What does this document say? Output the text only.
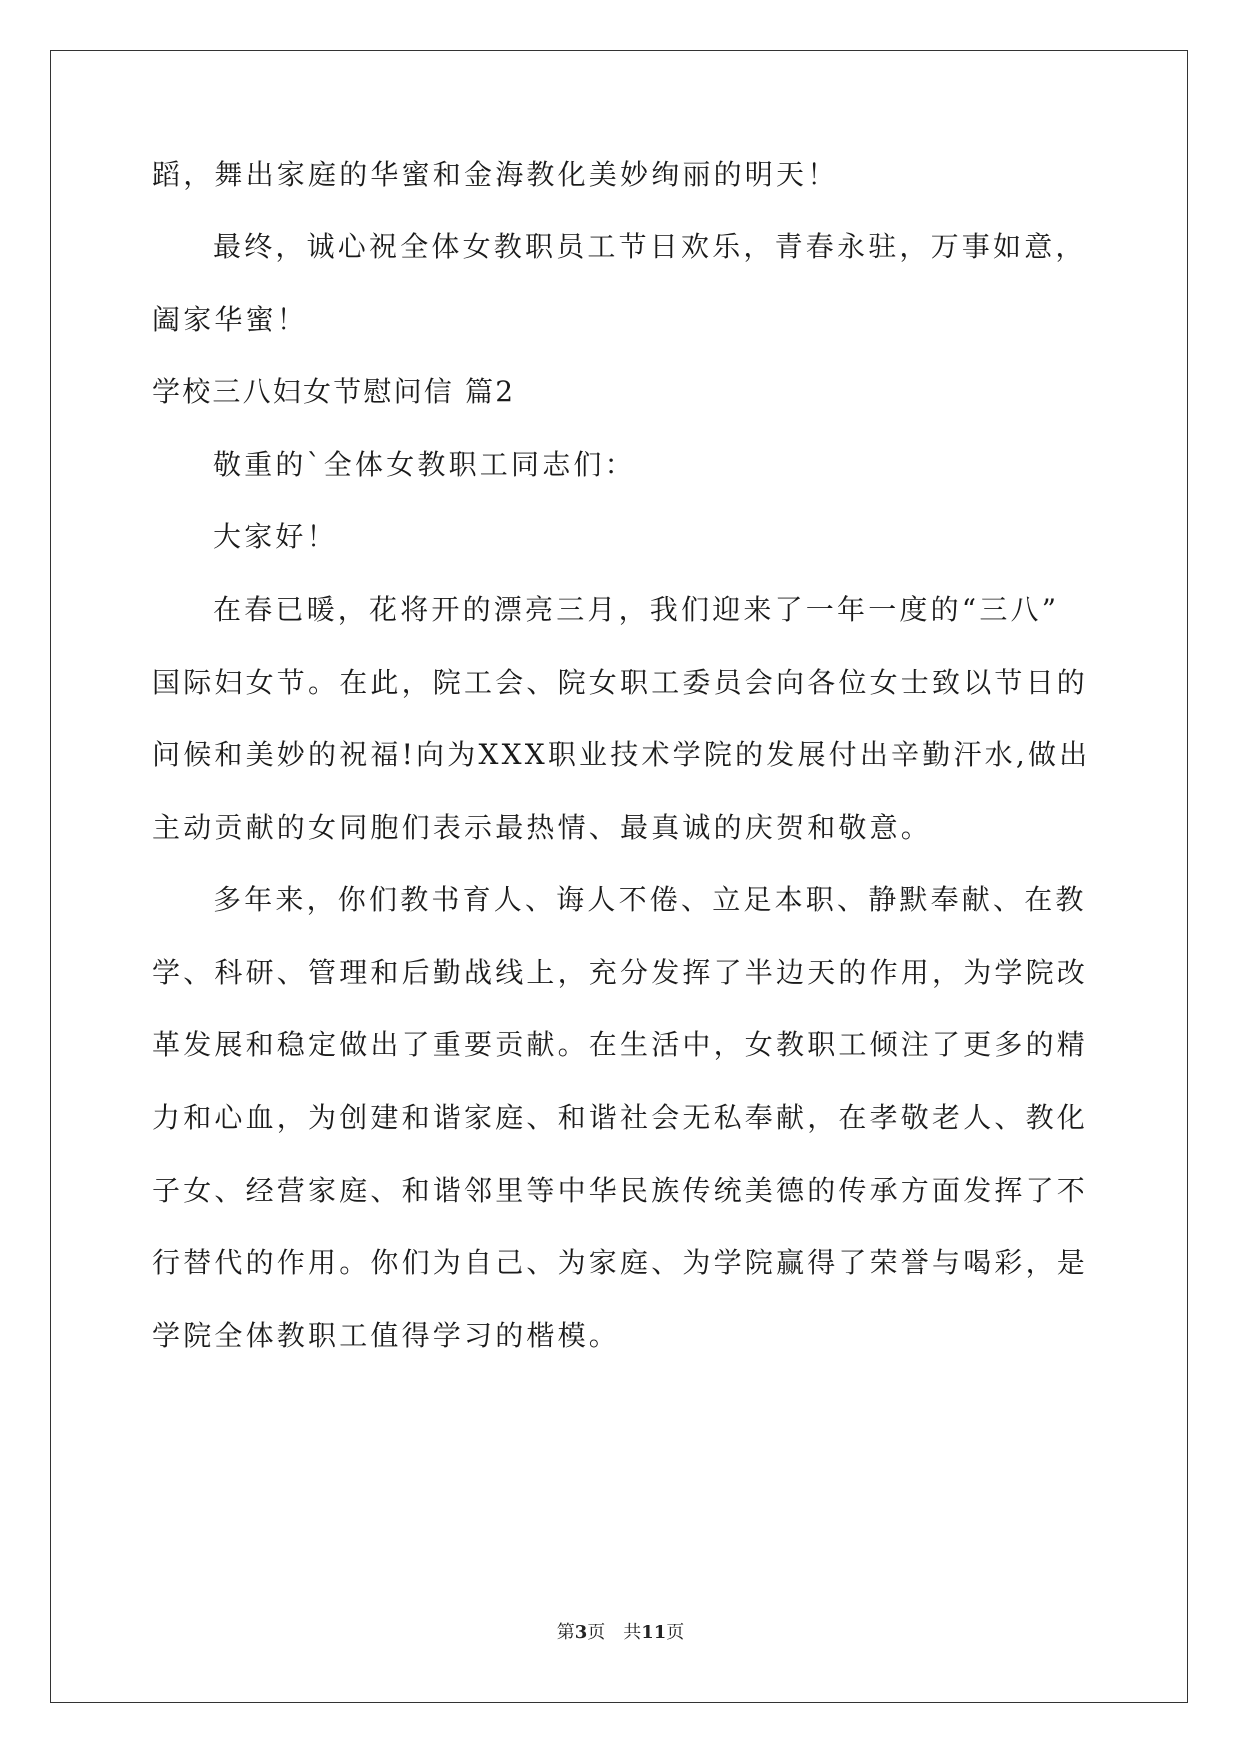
蹈，舞出家庭的华蜜和金海教化美妙绚丽的明天！
最终，诚心祝全体女教职员工节日欢乐，青春永驻，万事如意，
阖家华蜜！
学校三八妇女节慰问信 篇2
敬重的`全体女教职工同志们：
大家好！
在春已暖，花将开的漂亮三月，我们迎来了一年一度的“三八”
国际妇女节。在此，院工会、院女职工委员会向各位女士致以节日的
问候和美妙的祝福!向为XXX职业技术学院的发展付出辛勤汗水,做出
主动贡献的女同胞们表示最热情、最真诚的庆贺和敬意。
多年来，你们教书育人、诲人不倦、立足本职、静默奉献、在教
学、科研、管理和后勤战线上，充分发挥了半边天的作用，为学院改
革发展和稳定做出了重要贡献。在生活中，女教职工倾注了更多的精
力和心血，为创建和谐家庭、和谐社会无私奉献，在孝敬老人、教化
子女、经营家庭、和谐邻里等中华民族传统美德的传承方面发挥了不
行替代的作用。你们为自己、为家庭、为学院赢得了荣誉与喝彩，是
学院全体教职工值得学习的楷模。
第3页　共11页
